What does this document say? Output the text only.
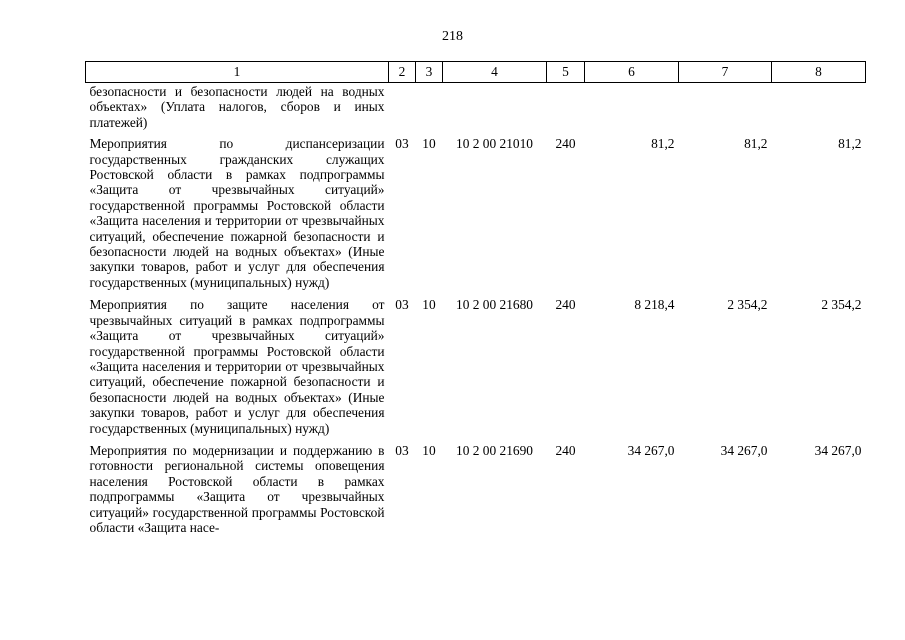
218
1	2	3	4	5	6	7	8
безопасности и безопасности людей на водных объектах» (Уплата налогов, сборов и иных платежей)							
Мероприятия по диспансеризации государственных гражданских служащих Ростовской области в рамках подпрограммы «Защита от чрезвычайных ситуаций» государственной программы Ростовской области «Защита населения и территории от чрезвычайных ситуаций, обеспечение пожарной безопасности и безопасности людей на водных объектах» (Иные закупки товаров, работ и услуг для обеспечения государственных (муниципальных) нужд)	03	10	10 2 00 21010	240	81,2	81,2	81,2
Мероприятия по защите населения от чрезвычайных ситуаций в рамках подпрограммы «Защита от чрезвычайных ситуаций» государственной программы Ростовской области «Защита населения и территории от чрезвычайных ситуаций, обеспечение пожарной безопасности и безопасности людей на водных объектах» (Иные закупки товаров, работ и услуг для обеспечения государственных (муниципальных) нужд)	03	10	10 2 00 21680	240	8 218,4	2 354,2	2 354,2
Мероприятия по модернизации и поддержанию в готовности региональной системы оповещения населения Ростовской области в рамках подпрограммы «Защита от чрезвычайных ситуаций» государственной программы Ростовской области «Защита насе-	03	10	10 2 00 21690	240	34 267,0	34 267,0	34 267,0
